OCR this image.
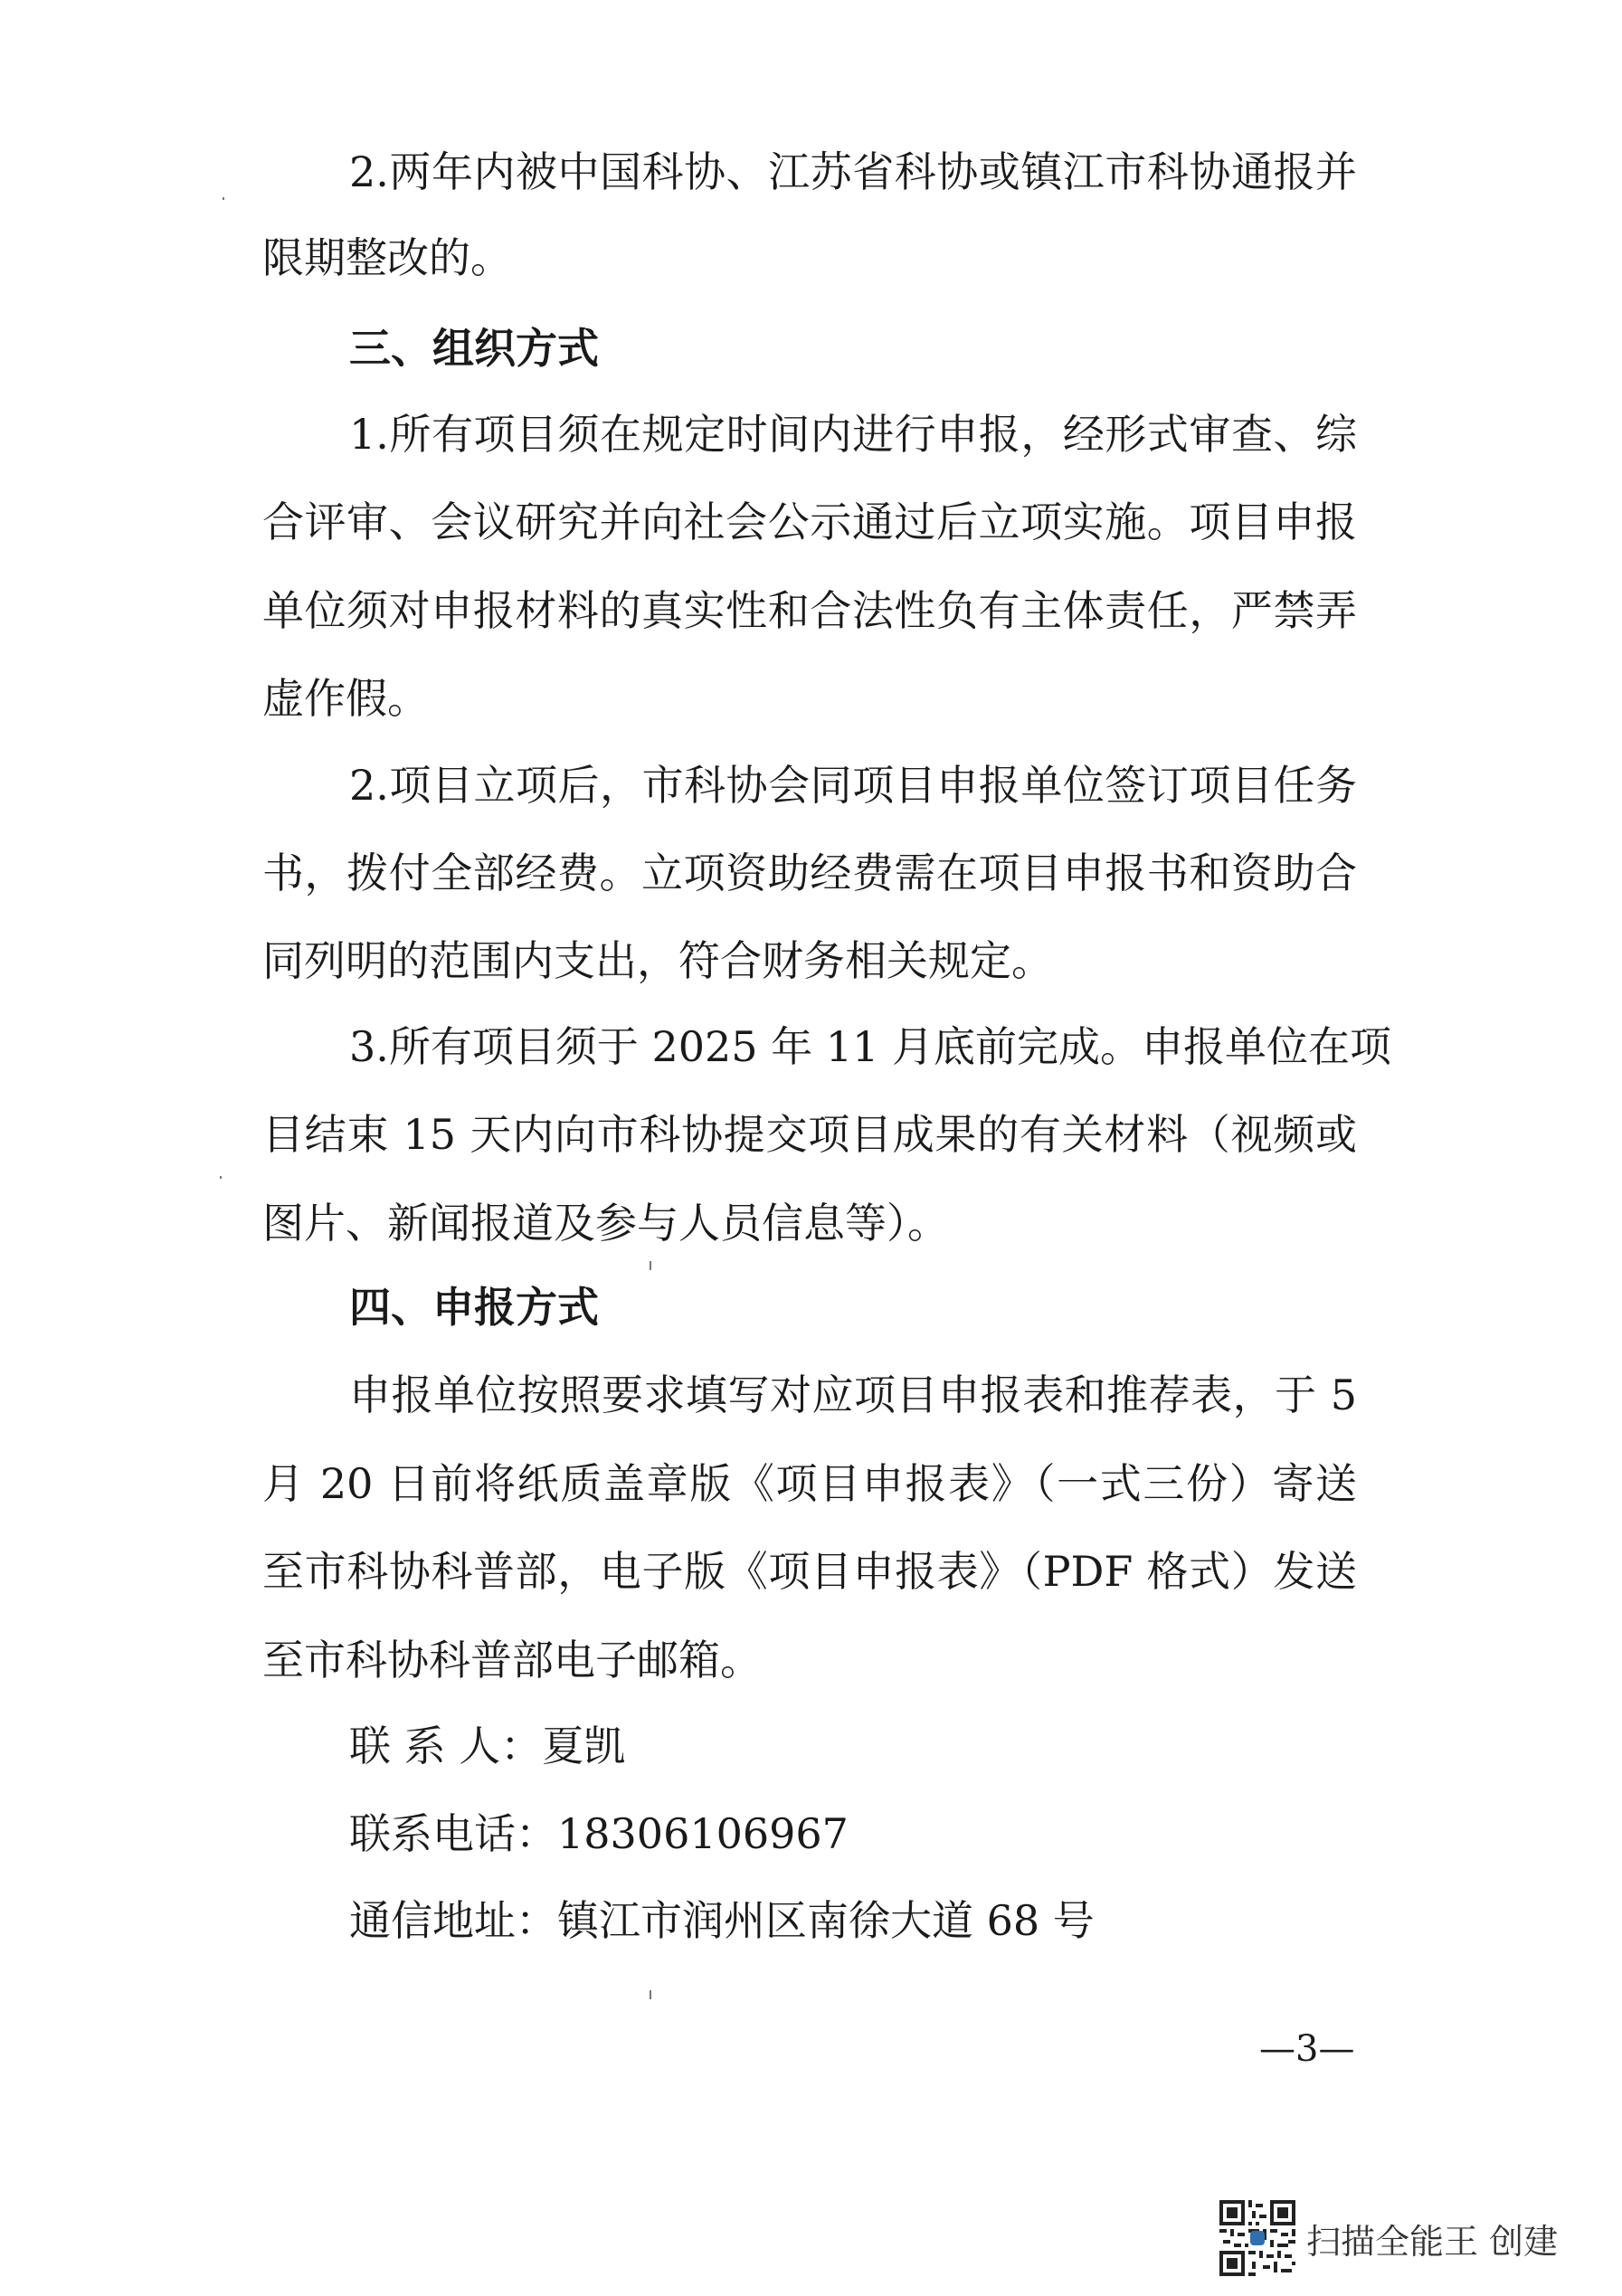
2.两年内被中国科协、江苏省科协或镇江市科协通报并
限期整改的。
三、组织方式
1.所有项目须在规定时间内进行申报，经形式审查、综
合评审、会议研究并向社会公示通过后立项实施。项目申报
单位须对申报材料的真实性和合法性负有主体责任，严禁弄
虚作假。
2.项目立项后，市科协会同项目申报单位签订项目任务
书，拨付全部经费。立项资助经费需在项目申报书和资助合
同列明的范围内支出，符合财务相关规定。
3.所有项目须于 2025 年 11 月底前完成。申报单位在项
目结束 15 天内向市科协提交项目成果的有关材料（视频或
图片、新闻报道及参与人员信息等）。
四、申报方式
申报单位按照要求填写对应项目申报表和推荐表，于 5
月 20 日前将纸质盖章版《项目申报表》（一式三份）寄送
至市科协科普部，电子版《项目申报表》（PDF 格式）发送
至市科协科普部电子邮箱。
联 系 人：夏凯
联系电话：18306106967
通信地址：镇江市润州区南徐大道 68 号
—3—
扫描全能王 创建
